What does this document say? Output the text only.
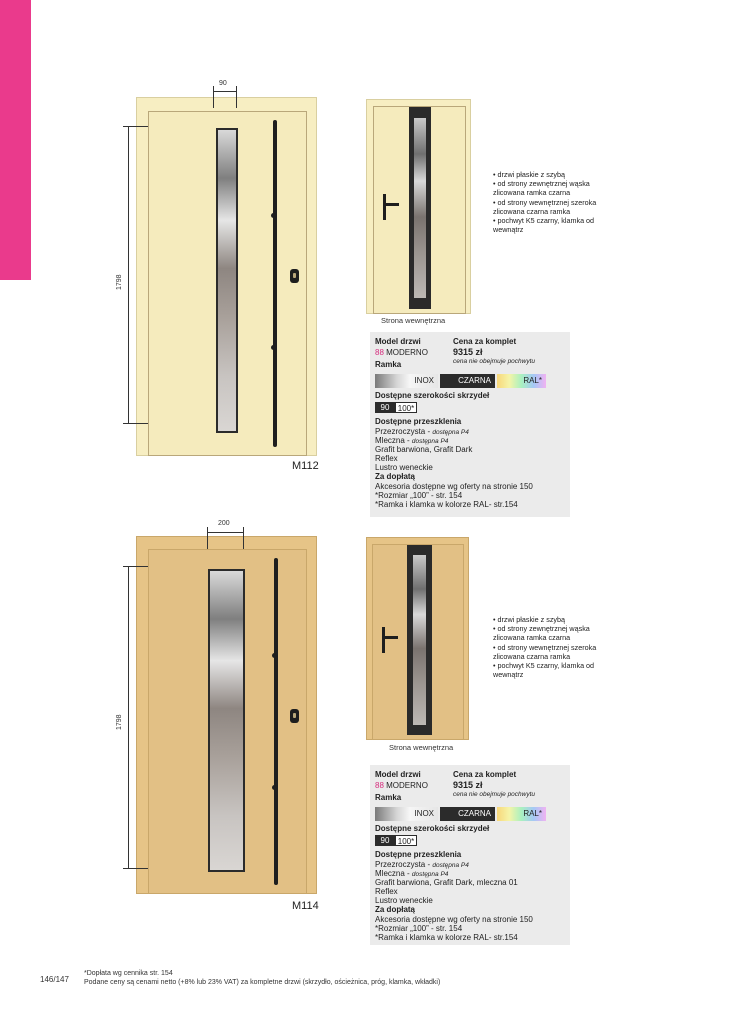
90
1798
M112
Strona wewnętrzna
• drzwi płaskie z szybą
• od strony zewnętrznej wąska
zlicowana ramka czarna
• od strony wewnętrznej szeroka
zlicowana czarna ramka
• pochwyt K5 czarny, klamka od
wewnątrz
Model drzwi
88 MODERNO
Cena za komplet
9315 zł
cena nie obejmuje pochwytu
Ramka
INOX	CZARNA	RAL*
Dostępne szerokości skrzydeł
90	100*
Dostępne przeszklenia
Przezroczysta - dostępna P4
Mleczna - dostępna P4
Grafit barwiona, Grafit Dark
Reflex
Lustro weneckie
Za dopłatą
Akcesoria dostępne wg oferty na stronie 150
*Rozmiar „100” - str. 154
*Ramka i klamka w kolorze RAL- str.154
200
1798
M114
Strona wewnętrzna
• drzwi płaskie z szybą
• od strony zewnętrznej wąska
zlicowana ramka czarna
• od strony wewnętrznej szeroka
zlicowana czarna ramka
• pochwyt K5 czarny, klamka od
wewnątrz
Model drzwi
88 MODERNO
Cena za komplet
9315 zł
cena nie obejmuje pochwytu
Ramka
INOX	CZARNA	RAL*
Dostępne szerokości skrzydeł
90	100*
Dostępne przeszklenia
Przezroczysta - dostępna P4
Mleczna - dostępna P4
Grafit barwiona, Grafit Dark, mleczna 01
Reflex
Lustro weneckie
Za dopłatą
Akcesoria dostępne wg oferty na stronie 150
*Rozmiar „100” - str. 154
*Ramka i klamka w kolorze RAL- str.154
146/147
*Dopłata wg cennika str. 154
Podane ceny są cenami netto (+8% lub 23% VAT) za kompletne drzwi (skrzydło, ościeżnica, próg, klamka, wkładki)
